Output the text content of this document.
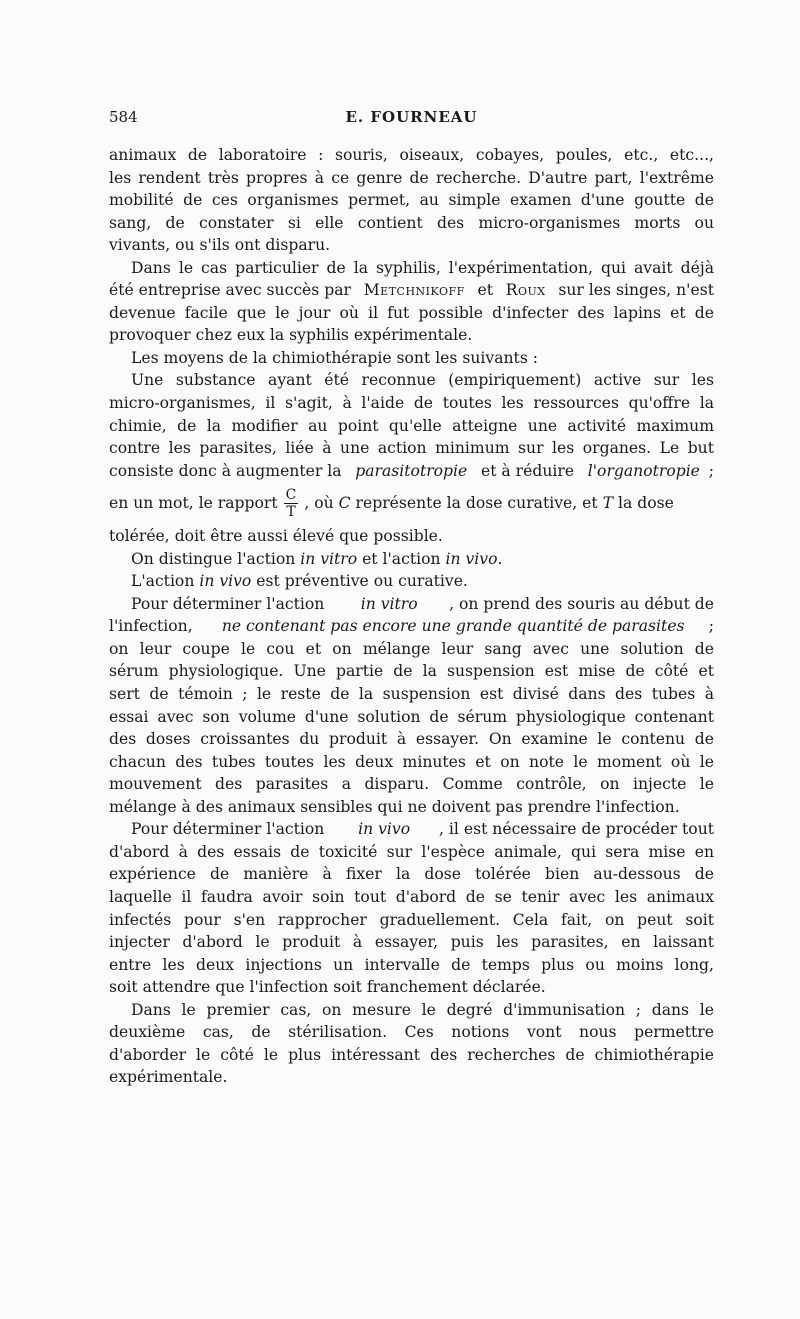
584	E. FOURNEAU
animaux de laboratoire : souris, oiseaux, cobayes, poules, etc., etc...,
les rendent très propres à ce genre de recherche. D'autre part, l'extrême
mobilité de ces organismes permet, au simple examen d'une goutte de
sang, de constater si elle contient des micro-organismes morts ou
vivants, ou s'ils ont disparu.
Dans le cas particulier de la syphilis, l'expérimentation, qui avait déjà
été entreprise avec succès par Metchnikoff et Roux sur les singes, n'est
devenue facile que le jour où il fut possible d'infecter des lapins et de
provoquer chez eux la syphilis expérimentale.
Les moyens de la chimiothérapie sont les suivants :
Une substance ayant été reconnue (empiriquement) active sur les
micro-organismes, il s'agit, à l'aide de toutes les ressources qu'offre la
chimie, de la modifier au point qu'elle atteigne une activité maximum
contre les parasites, liée à une action minimum sur les organes. Le but
consiste donc à augmenter la parasitotropie et à réduire l'organotropie ;
en un mot, le rapport $\frac{C}{T}$ , où C représente la dose curative, et T la dose
tolérée, doit être aussi élevé que possible.
On distingue l'action in vitro et l'action in vivo.
L'action in vivo est préventive ou curative.
Pour déterminer l'action in vitro , on prend des souris au début de
l'infection, ne contenant pas encore une grande quantité de parasites ;
on leur coupe le cou et on mélange leur sang avec une solution de
sérum physiologique. Une partie de la suspension est mise de côté et
sert de témoin ; le reste de la suspension est divisé dans des tubes à
essai avec son volume d'une solution de sérum physiologique contenant
des doses croissantes du produit à essayer. On examine le contenu de
chacun des tubes toutes les deux minutes et on note le moment où le
mouvement des parasites a disparu. Comme contrôle, on injecte le
mélange à des animaux sensibles qui ne doivent pas prendre l'infection.
Pour déterminer l'action in vivo , il est nécessaire de procéder tout
d'abord à des essais de toxicité sur l'espèce animale, qui sera mise en
expérience de manière à fixer la dose tolérée bien au-dessous de
laquelle il faudra avoir soin tout d'abord de se tenir avec les animaux
infectés pour s'en rapprocher graduellement. Cela fait, on peut soit
injecter d'abord le produit à essayer, puis les parasites, en laissant
entre les deux injections un intervalle de temps plus ou moins long,
soit attendre que l'infection soit franchement déclarée.
Dans le premier cas, on mesure le degré d'immunisation ; dans le
deuxième cas, de stérilisation. Ces notions vont nous permettre
d'aborder le côté le plus intéressant des recherches de chimiothérapie
expérimentale.
